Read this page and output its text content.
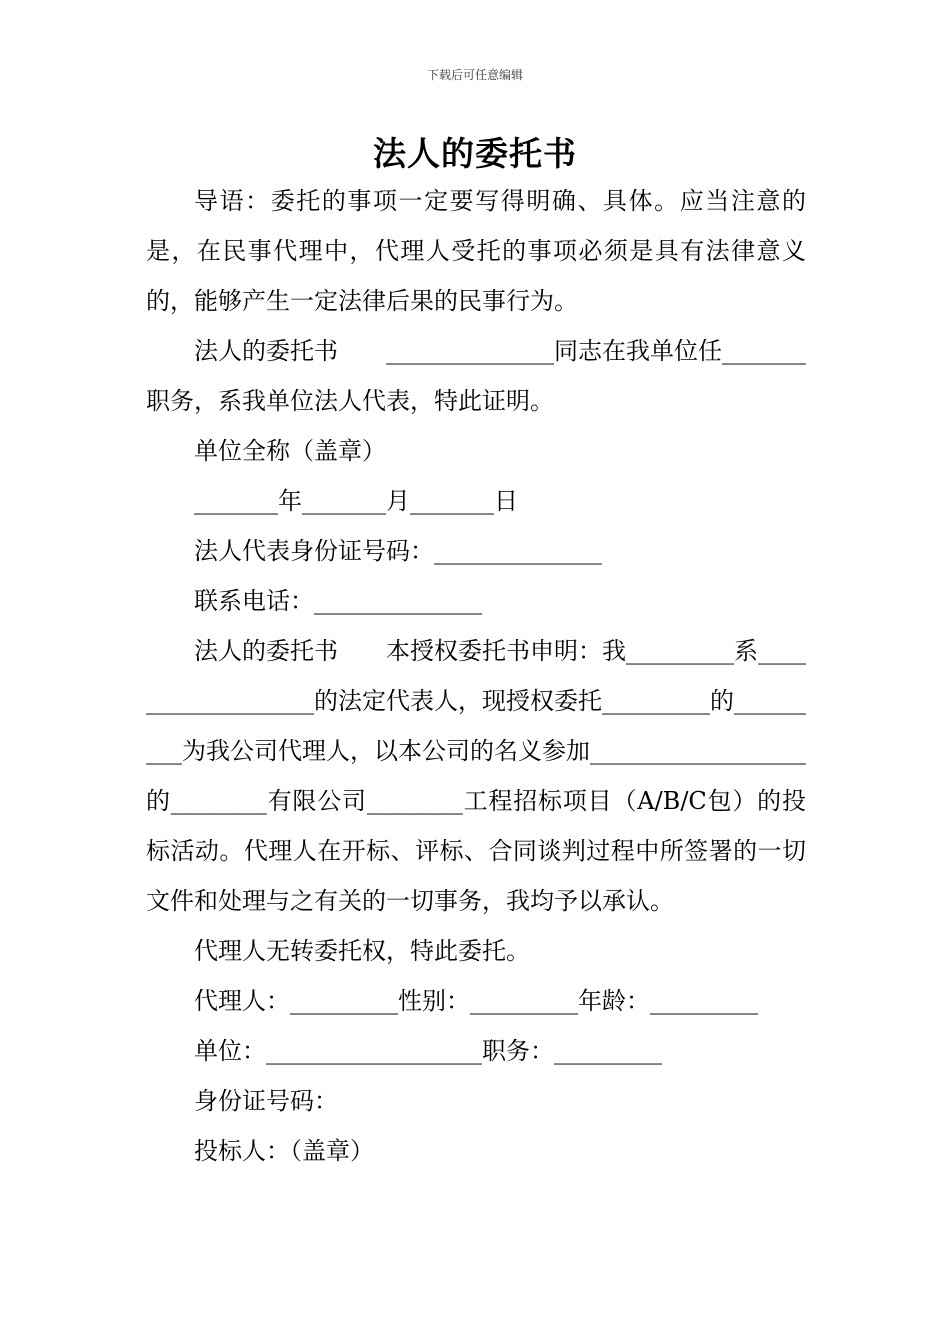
下载后可任意编辑
法人的委托书

导语：委托的事项一定要写得明确、具体。应当注意的是，在民事代理中，代理人受托的事项必须是具有法律意义的，能够产生一定法律后果的民事行为。

法人的委托书　　______________同志在我单位任_______职务，系我单位法人代表，特此证明。

单位全称（盖章）

_______年_______月_______日

法人代表身份证号码：______________

联系电话：______________

法人的委托书　　本授权委托书申明：我_________系__________________的法定代表人，现授权委托_________的_________为我公司代理人，以本公司的名义参加__________________的________有限公司________工程招标项目（A/B/C包）的投标活动。代理人在开标、评标、合同谈判过程中所签署的一切文件和处理与之有关的一切事务，我均予以承认。

代理人无转委托权，特此委托。

代理人：_________性别：_________年龄：_________

单位：__________________职务：_________

身份证号码：

投标人：（盖章）
